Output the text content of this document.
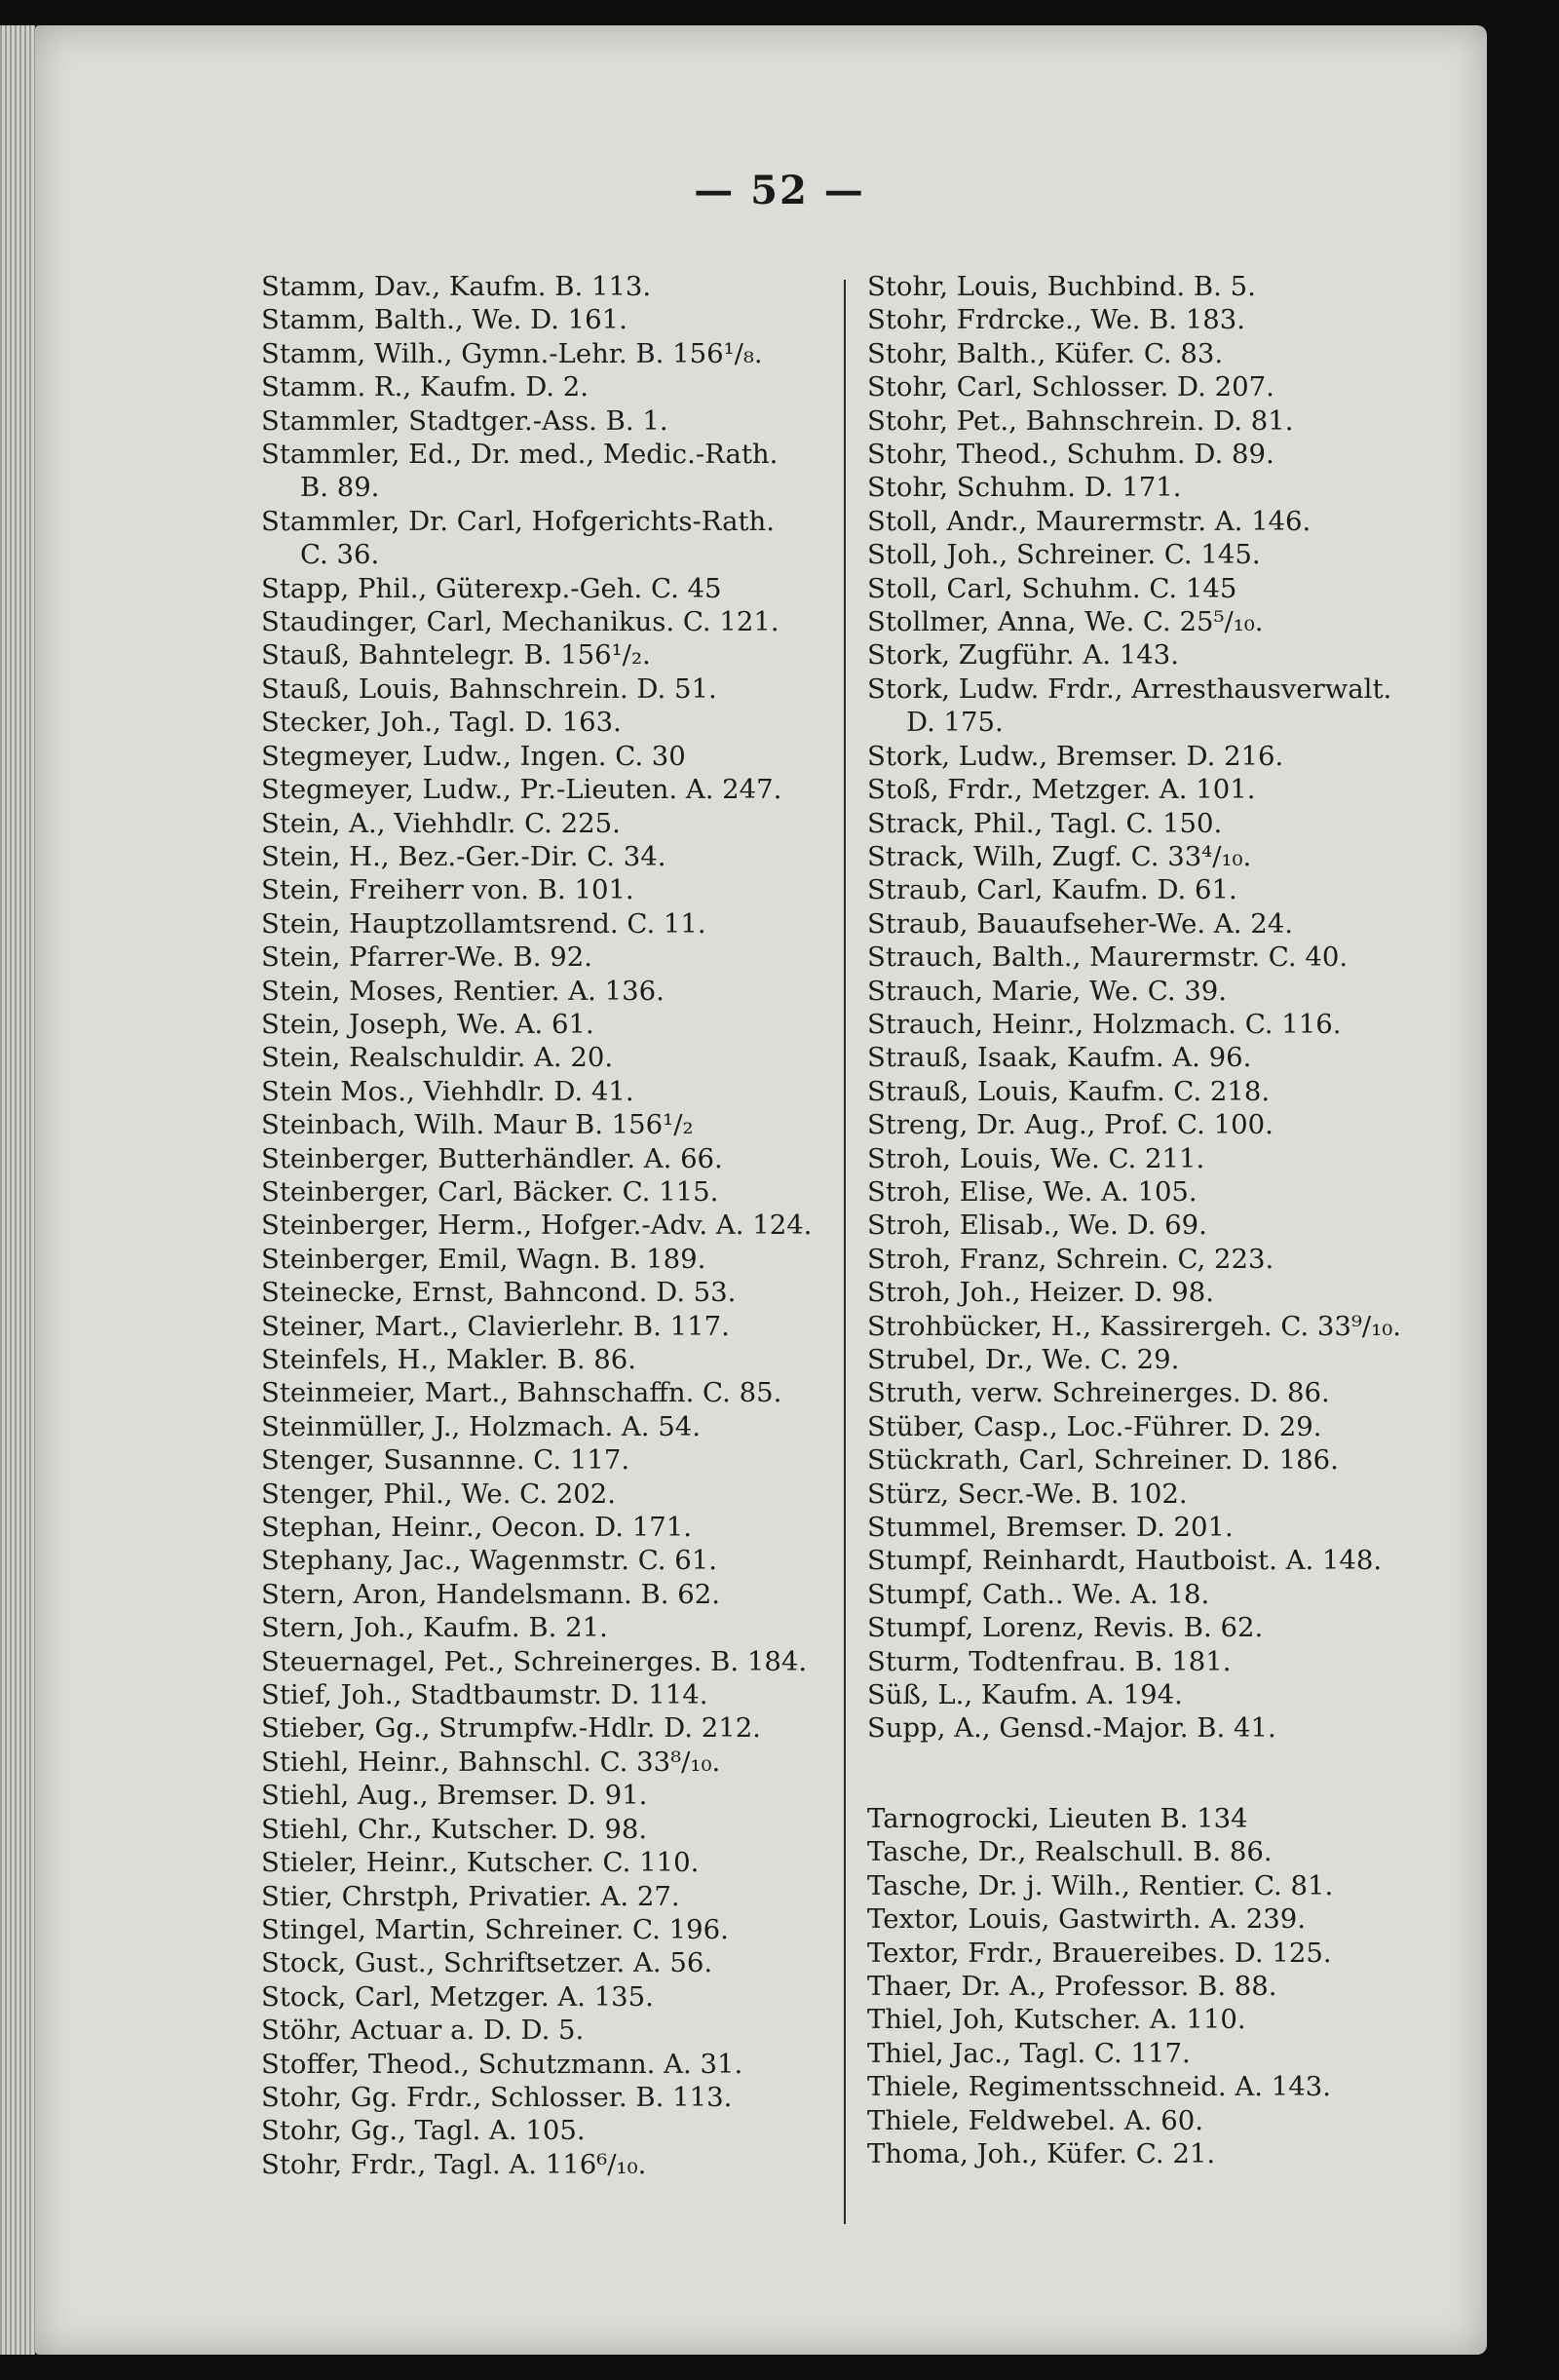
— 52 —
Stamm, Dav., Kaufm. B. 113.
Stamm, Balth., We. D. 161.
Stamm, Wilh., Gymn.-Lehr. B. 156¹/₈.
Stamm. R., Kaufm. D. 2.
Stammler, Stadtger.-Ass. B. 1.
Stammler, Ed., Dr. med., Medic.-Rath.
B. 89.
Stammler, Dr. Carl, Hofgerichts-Rath.
C. 36.
Stapp, Phil., Güterexp.-Geh. C. 45
Staudinger, Carl, Mechanikus. C. 121.
Stauß, Bahntelegr. B. 156¹/₂.
Stauß, Louis, Bahnschrein. D. 51.
Stecker, Joh., Tagl. D. 163.
Stegmeyer, Ludw., Ingen. C. 30
Stegmeyer, Ludw., Pr.-Lieuten. A. 247.
Stein, A., Viehhdlr. C. 225.
Stein, H., Bez.-Ger.-Dir. C. 34.
Stein, Freiherr von. B. 101.
Stein, Hauptzollamtsrend. C. 11.
Stein, Pfarrer-We. B. 92.
Stein, Moses, Rentier. A. 136.
Stein, Joseph, We. A. 61.
Stein, Realschuldir. A. 20.
Stein Mos., Viehhdlr. D. 41.
Steinbach, Wilh. Maur B. 156¹/₂
Steinberger, Butterhändler. A. 66.
Steinberger, Carl, Bäcker. C. 115.
Steinberger, Herm., Hofger.-Adv. A. 124.
Steinberger, Emil, Wagn. B. 189.
Steinecke, Ernst, Bahncond. D. 53.
Steiner, Mart., Clavierlehr. B. 117.
Steinfels, H., Makler. B. 86.
Steinmeier, Mart., Bahnschaffn. C. 85.
Steinmüller, J., Holzmach. A. 54.
Stenger, Susannne. C. 117.
Stenger, Phil., We. C. 202.
Stephan, Heinr., Oecon. D. 171.
Stephany, Jac., Wagenmstr. C. 61.
Stern, Aron, Handelsmann. B. 62.
Stern, Joh., Kaufm. B. 21.
Steuernagel, Pet., Schreinerges. B. 184.
Stief, Joh., Stadtbaumstr. D. 114.
Stieber, Gg., Strumpfw.-Hdlr. D. 212.
Stiehl, Heinr., Bahnschl. C. 33⁸/₁₀.
Stiehl, Aug., Bremser. D. 91.
Stiehl, Chr., Kutscher. D. 98.
Stieler, Heinr., Kutscher. C. 110.
Stier, Chrstph, Privatier. A. 27.
Stingel, Martin, Schreiner. C. 196.
Stock, Gust., Schriftsetzer. A. 56.
Stock, Carl, Metzger. A. 135.
Stöhr, Actuar a. D. D. 5.
Stoffer, Theod., Schutzmann. A. 31.
Stohr, Gg. Frdr., Schlosser. B. 113.
Stohr, Gg., Tagl. A. 105.
Stohr, Frdr., Tagl. A. 116⁶/₁₀.
Stohr, Louis, Buchbind. B. 5.
Stohr, Frdrcke., We. B. 183.
Stohr, Balth., Küfer. C. 83.
Stohr, Carl, Schlosser. D. 207.
Stohr, Pet., Bahnschrein. D. 81.
Stohr, Theod., Schuhm. D. 89.
Stohr, Schuhm. D. 171.
Stoll, Andr., Maurermstr. A. 146.
Stoll, Joh., Schreiner. C. 145.
Stoll, Carl, Schuhm. C. 145
Stollmer, Anna, We. C. 25⁵/₁₀.
Stork, Zugführ. A. 143.
Stork, Ludw. Frdr., Arresthausverwalt.
D. 175.
Stork, Ludw., Bremser. D. 216.
Stoß, Frdr., Metzger. A. 101.
Strack, Phil., Tagl. C. 150.
Strack, Wilh, Zugf. C. 33⁴/₁₀.
Straub, Carl, Kaufm. D. 61.
Straub, Bauaufseher-We. A. 24.
Strauch, Balth., Maurermstr. C. 40.
Strauch, Marie, We. C. 39.
Strauch, Heinr., Holzmach. C. 116.
Strauß, Isaak, Kaufm. A. 96.
Strauß, Louis, Kaufm. C. 218.
Streng, Dr. Aug., Prof. C. 100.
Stroh, Louis, We. C. 211.
Stroh, Elise, We. A. 105.
Stroh, Elisab., We. D. 69.
Stroh, Franz, Schrein. C, 223.
Stroh, Joh., Heizer. D. 98.
Strohbücker, H., Kassirergeh. C. 33⁹/₁₀.
Strubel, Dr., We. C. 29.
Struth, verw. Schreinerges. D. 86.
Stüber, Casp., Loc.-Führer. D. 29.
Stückrath, Carl, Schreiner. D. 186.
Stürz, Secr.-We. B. 102.
Stummel, Bremser. D. 201.
Stumpf, Reinhardt, Hautboist. A. 148.
Stumpf, Cath.. We. A. 18.
Stumpf, Lorenz, Revis. B. 62.
Sturm, Todtenfrau. B. 181.
Süß, L., Kaufm. A. 194.
Supp, A., Gensd.-Major. B. 41.
Tarnogrocki, Lieuten B. 134
Tasche, Dr., Realschull. B. 86.
Tasche, Dr. j. Wilh., Rentier. C. 81.
Textor, Louis, Gastwirth. A. 239.
Textor, Frdr., Brauereibes. D. 125.
Thaer, Dr. A., Professor. B. 88.
Thiel, Joh, Kutscher. A. 110.
Thiel, Jac., Tagl. C. 117.
Thiele, Regimentsschneid. A. 143.
Thiele, Feldwebel. A. 60.
Thoma, Joh., Küfer. C. 21.
